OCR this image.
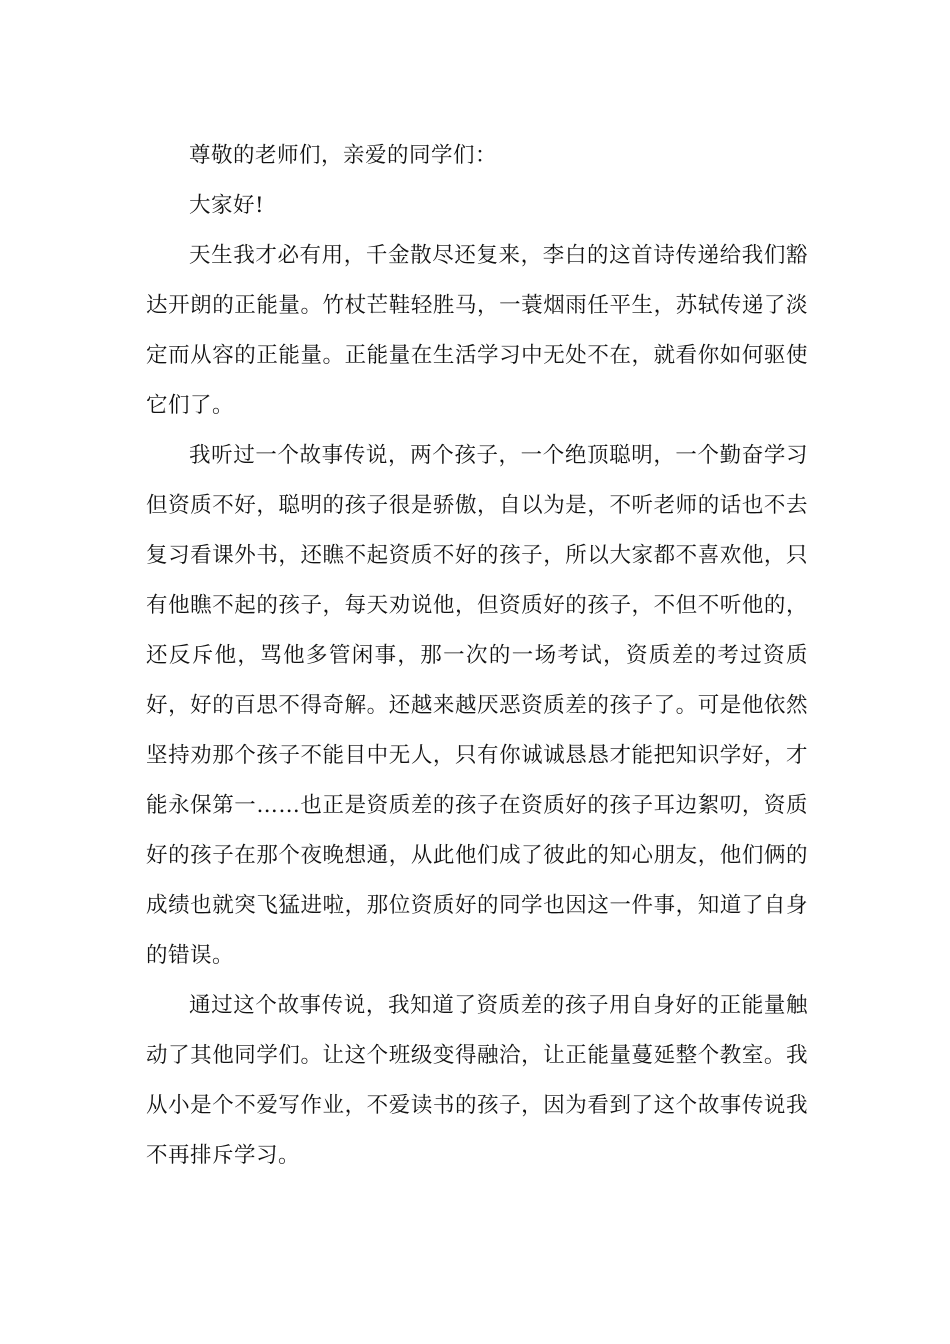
尊敬的老师们，亲爱的同学们：

大家好!

天生我才必有用，千金散尽还复来，李白的这首诗传递给我们豁达开朗的正能量。竹杖芒鞋轻胜马，一蓑烟雨任平生，苏轼传递了淡定而从容的正能量。正能量在生活学习中无处不在，就看你如何驱使它们了。

我听过一个故事传说，两个孩子，一个绝顶聪明，一个勤奋学习但资质不好，聪明的孩子很是骄傲，自以为是，不听老师的话也不去复习看课外书，还瞧不起资质不好的孩子，所以大家都不喜欢他，只有他瞧不起的孩子，每天劝说他，但资质好的孩子，不但不听他的，还反斥他，骂他多管闲事，那一次的一场考试，资质差的考过资质好，好的百思不得奇解。还越来越厌恶资质差的孩子了。可是他依然坚持劝那个孩子不能目中无人，只有你诚诚恳恳才能把知识学好，才能永保第一……也正是资质差的孩子在资质好的孩子耳边絮叨，资质好的孩子在那个夜晚想通，从此他们成了彼此的知心朋友，他们俩的成绩也就突飞猛进啦，那位资质好的同学也因这一件事，知道了自身的错误。

通过这个故事传说，我知道了资质差的孩子用自身好的正能量触动了其他同学们。让这个班级变得融洽，让正能量蔓延整个教室。我从小是个不爱写作业，不爱读书的孩子，因为看到了这个故事传说我不再排斥学习。
